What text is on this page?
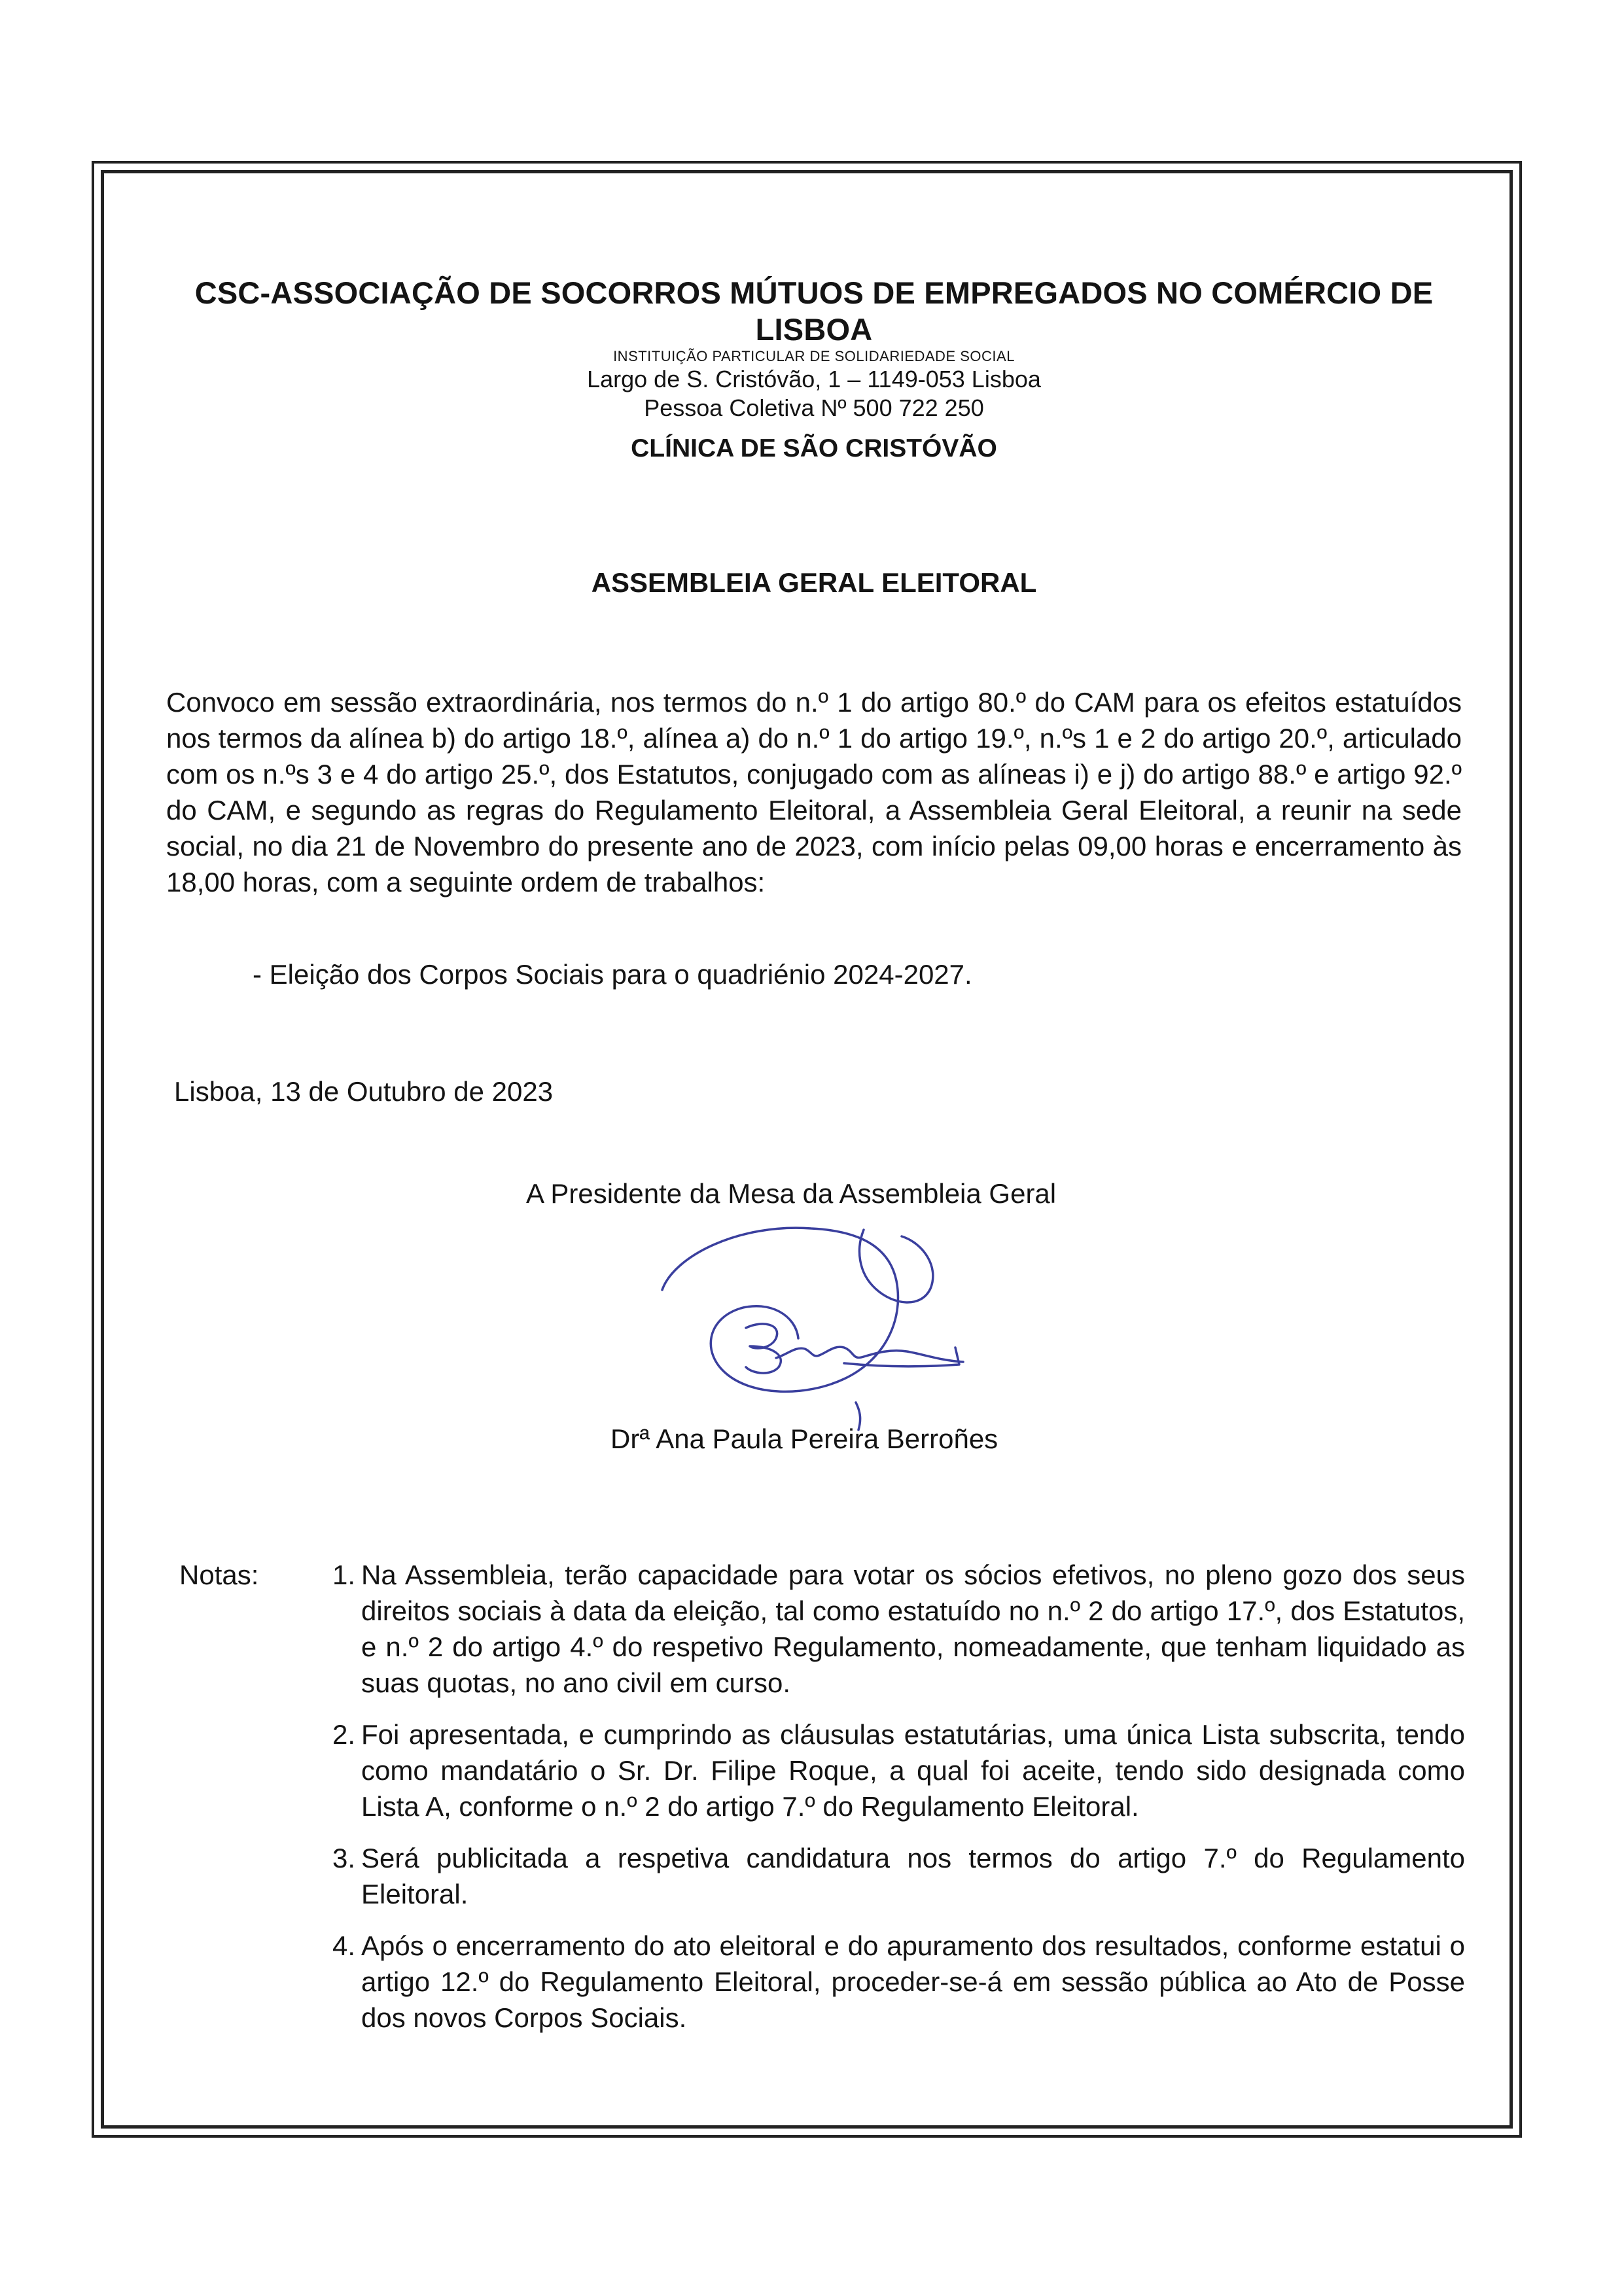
CSC-ASSOCIAÇÃO DE SOCORROS MÚTUOS DE EMPREGADOS NO COMÉRCIO DE LISBOA

INSTITUIÇÃO PARTICULAR DE SOLIDARIEDADE SOCIAL

Largo de S. Cristóvão, 1 – 1149-053 Lisboa

Pessoa Coletiva Nº 500 722 250

CLÍNICA DE SÃO CRISTÓVÃO

ASSEMBLEIA GERAL ELEITORAL

Convoco em sessão extraordinária, nos termos do n.º 1 do artigo 80.º do CAM para os efeitos estatuídos nos termos da alínea b) do artigo 18.º, alínea a) do n.º 1 do artigo 19.º, n.ºs 1 e 2 do artigo 20.º, articulado com os n.ºs 3 e 4 do artigo 25.º, dos Estatutos, conjugado com as alíneas i) e j) do artigo 88.º e artigo 92.º do CAM, e segundo as regras do Regulamento Eleitoral, a Assembleia Geral Eleitoral, a reunir na sede social, no dia 21 de Novembro do presente ano de 2023, com início pelas 09,00 horas e encerramento às 18,00 horas, com a seguinte ordem de trabalhos:

- Eleição dos Corpos Sociais para o quadriénio 2024-2027.

Lisboa, 13 de Outubro de 2023

A Presidente da Mesa da Assembleia Geral

Drª Ana Paula Pereira Berroñes

Notas:	1. Na Assembleia, terão capacidade para votar os sócios efetivos, no pleno gozo dos seus direitos sociais à data da eleição, tal como estatuído no n.º 2 do artigo 17.º, dos Estatutos, e n.º 2 do artigo 4.º do respetivo Regulamento, nomeadamente, que tenham liquidado as suas quotas, no ano civil em curso.
2. Foi apresentada, e cumprindo as cláusulas estatutárias, uma única Lista subscrita, tendo como mandatário o Sr. Dr. Filipe Roque, a qual foi aceite, tendo sido designada como Lista A, conforme o n.º 2 do artigo 7.º do Regulamento Eleitoral.
3. Será publicitada a respetiva candidatura nos termos do artigo 7.º do Regulamento Eleitoral.
4. Após o encerramento do ato eleitoral e do apuramento dos resultados, conforme estatui o artigo 12.º do Regulamento Eleitoral, proceder-se-á em sessão pública ao Ato de Posse dos novos Corpos Sociais.
